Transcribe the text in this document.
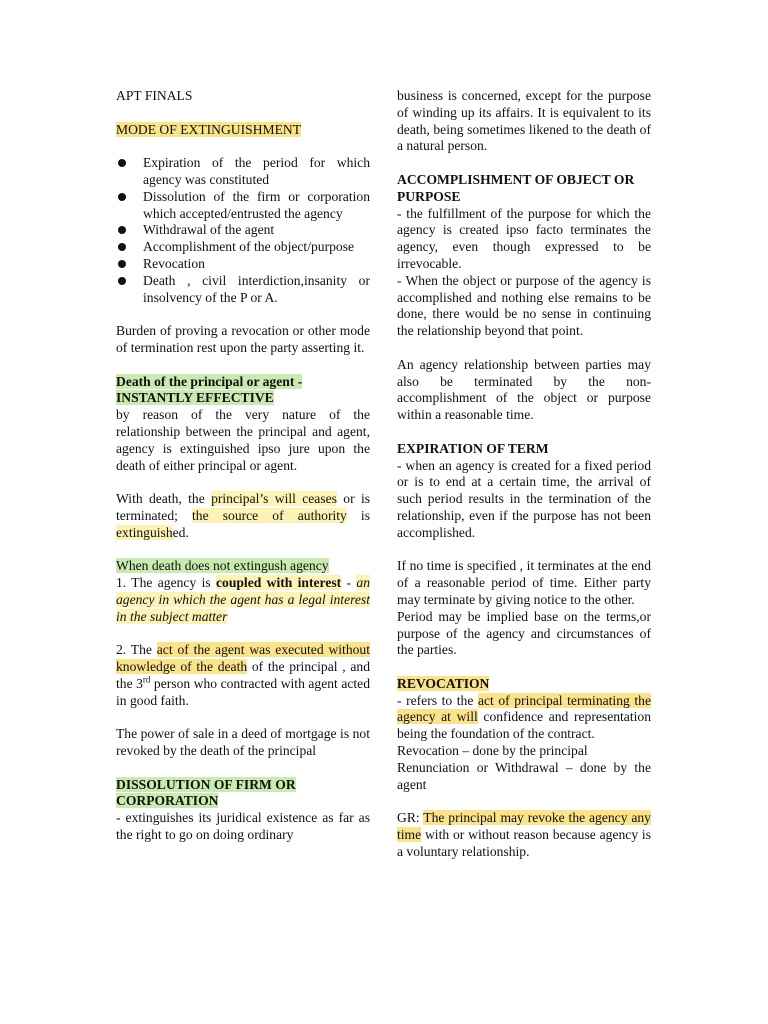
APT FINALS

MODE OF EXTINGUISHMENT

Expiration of the period for which agency was constituted
Dissolution of the firm or corporation which accepted/entrusted the agency
Withdrawal of the agent
Accomplishment of the object/purpose
Revocation
Death , civil interdiction,insanity or insolvency of the P or A.

Burden of proving a revocation or other mode of termination rest upon the party asserting it.

Death of the principal or agent -

INSTANTLY EFFECTIVE

by reason of the very nature of the relationship between the principal and agent, agency is extinguished ipso jure upon the death of either principal or agent.

With death, the principal’s will ceases or is terminated; the source of authority is extinguished.

When death does not extingush agency

1. The agency is coupled with interest - an agency in which the agent has a legal interest in the subject matter

2. The act of the agent was executed without knowledge of the death of the principal , and the 3rd person who contracted with agent acted in good faith.

The power of sale in a deed of mortgage is not revoked by the death of the principal

DISSOLUTION OF FIRM OR

CORPORATION

- extinguishes its juridical existence as far as the right to go on doing ordinary

business is concerned, except for the purpose of winding up its affairs. It is equivalent to its death, being sometimes likened to the death of a natural person.

ACCOMPLISHMENT OF OBJECT OR PURPOSE

- the fulfillment of the purpose for which the agency is created ipso facto terminates the agency, even though expressed to be irrevocable.

- When the object or purpose of the agency is accomplished and nothing else remains to be done, there would be no sense in continuing the relationship beyond that point.

An agency relationship between parties may also be terminated by the non-accomplishment of the object or purpose within a reasonable time.

EXPIRATION OF TERM

- when an agency is created for a fixed period or is to end at a certain time, the arrival of such period results in the termination of the relationship, even if the purpose has not been accomplished.

If no time is specified , it terminates at the end of a reasonable period of time. Either party may terminate by giving notice to the other.

Period may be implied base on the terms,or purpose of the agency and circumstances of the parties.

REVOCATION

- refers to the act of principal terminating the agency at will confidence and representation being the foundation of the contract.

Revocation – done by the principal

Renunciation or Withdrawal – done by the agent

GR: The principal may revoke the agency any time with or without reason because agency is a voluntary relationship.
